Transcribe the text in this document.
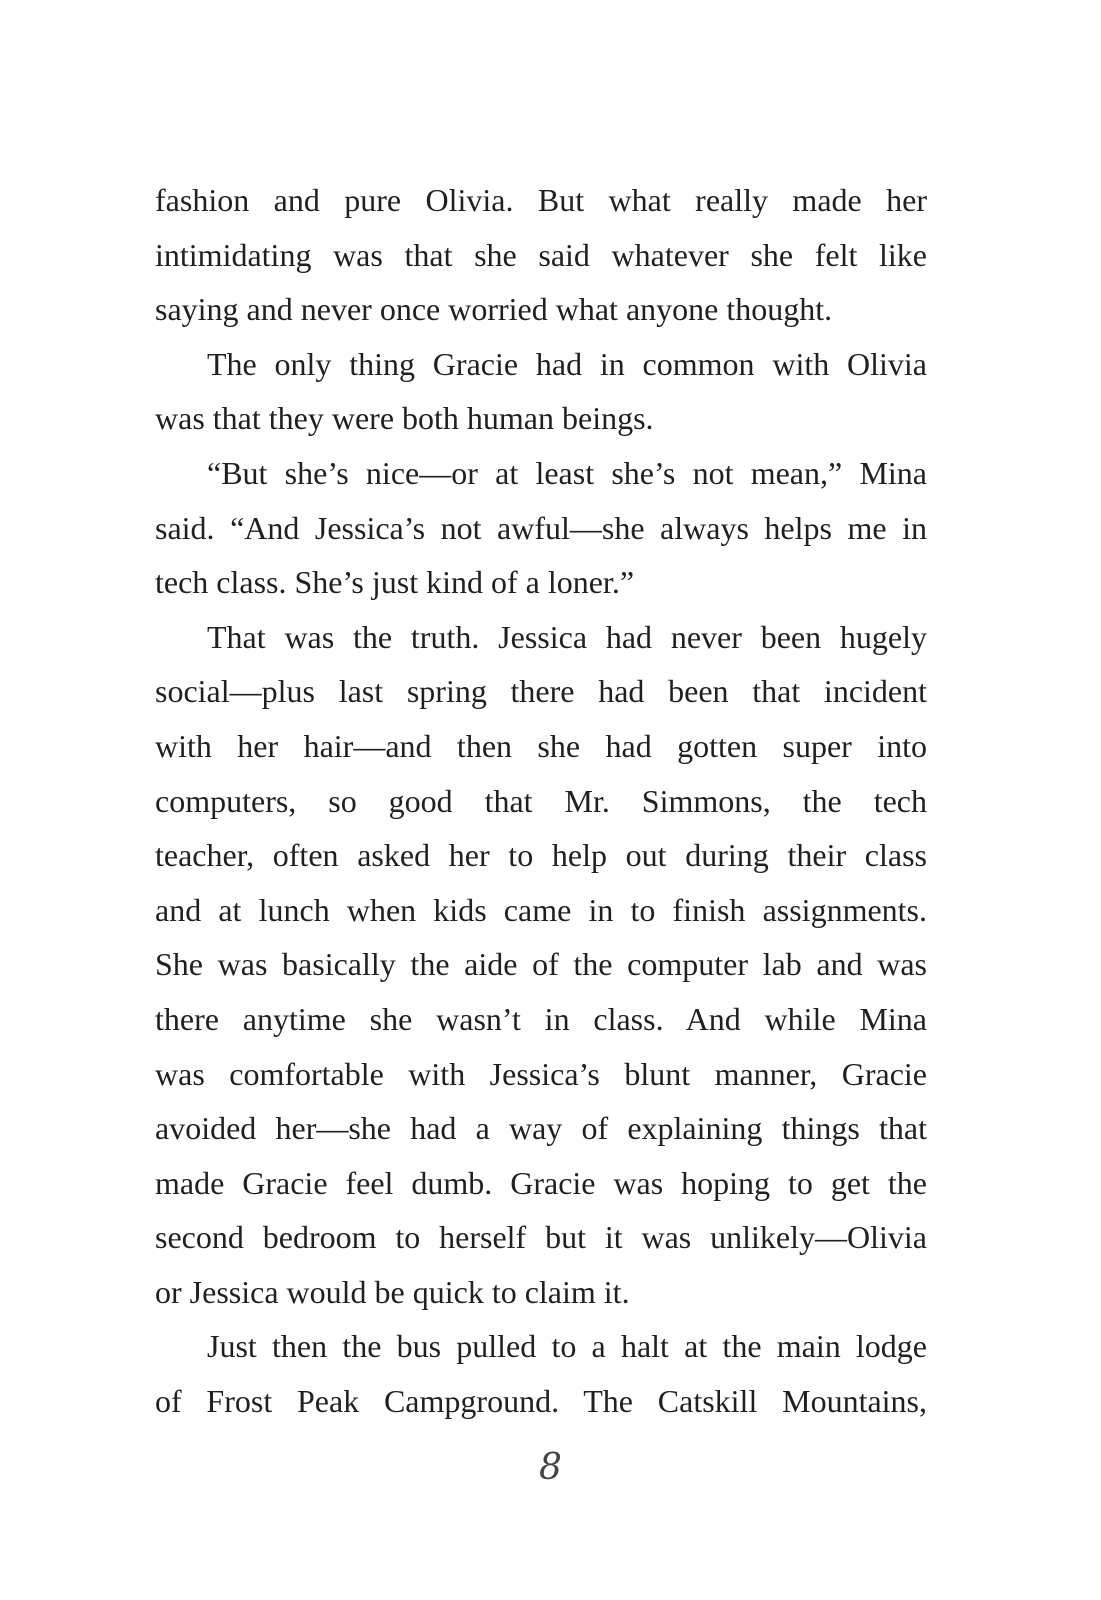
fashion and pure Olivia. But what really made her
intimidating was that she said whatever she felt like
saying and never once worried what anyone thought.
The only thing Gracie had in common with Olivia
was that they were both human beings.
“But she’s nice—or at least she’s not mean,” Mina
said. “And Jessica’s not awful—she always helps me in
tech class. She’s just kind of a loner.”
That was the truth. Jessica had never been hugely
social—plus last spring there had been that incident
with her hair—and then she had gotten super into
computers, so good that Mr. Simmons, the tech
teacher, often asked her to help out during their class
and at lunch when kids came in to finish assignments.
She was basically the aide of the computer lab and was
there anytime she wasn’t in class. And while Mina
was comfortable with Jessica’s blunt manner, Gracie
avoided her—she had a way of explaining things that
made Gracie feel dumb. Gracie was hoping to get the
second bedroom to herself but it was unlikely—Olivia
or Jessica would be quick to claim it.
Just then the bus pulled to a halt at the main lodge
of Frost Peak Campground. The Catskill Mountains,
8
